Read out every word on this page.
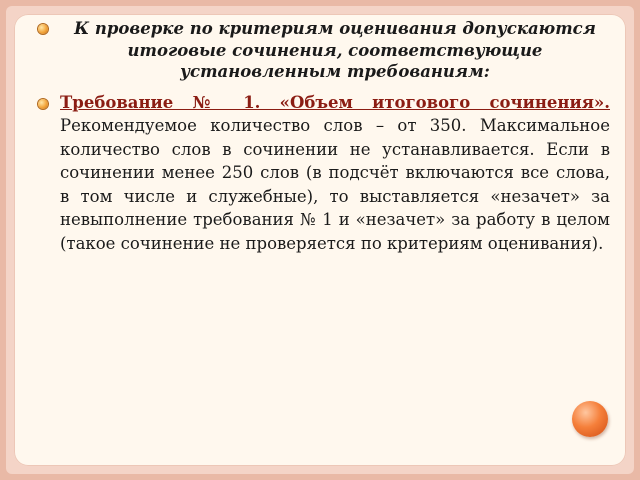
К проверке по критериям оценивания допускаются итоговые сочинения, соответствующие установленным требованиям:

Требование № 1. «Объем итогового сочинения». Рекомендуемое количество слов – от 350. Максимальное количество слов в сочинении не устанавливается. Если в сочинении менее 250 слов (в подсчёт включаются все слова, в том числе и служебные), то выставляется «незачет» за невыполнение требования № 1 и «незачет» за работу в целом (такое сочинение не проверяется по критериям оценивания).
